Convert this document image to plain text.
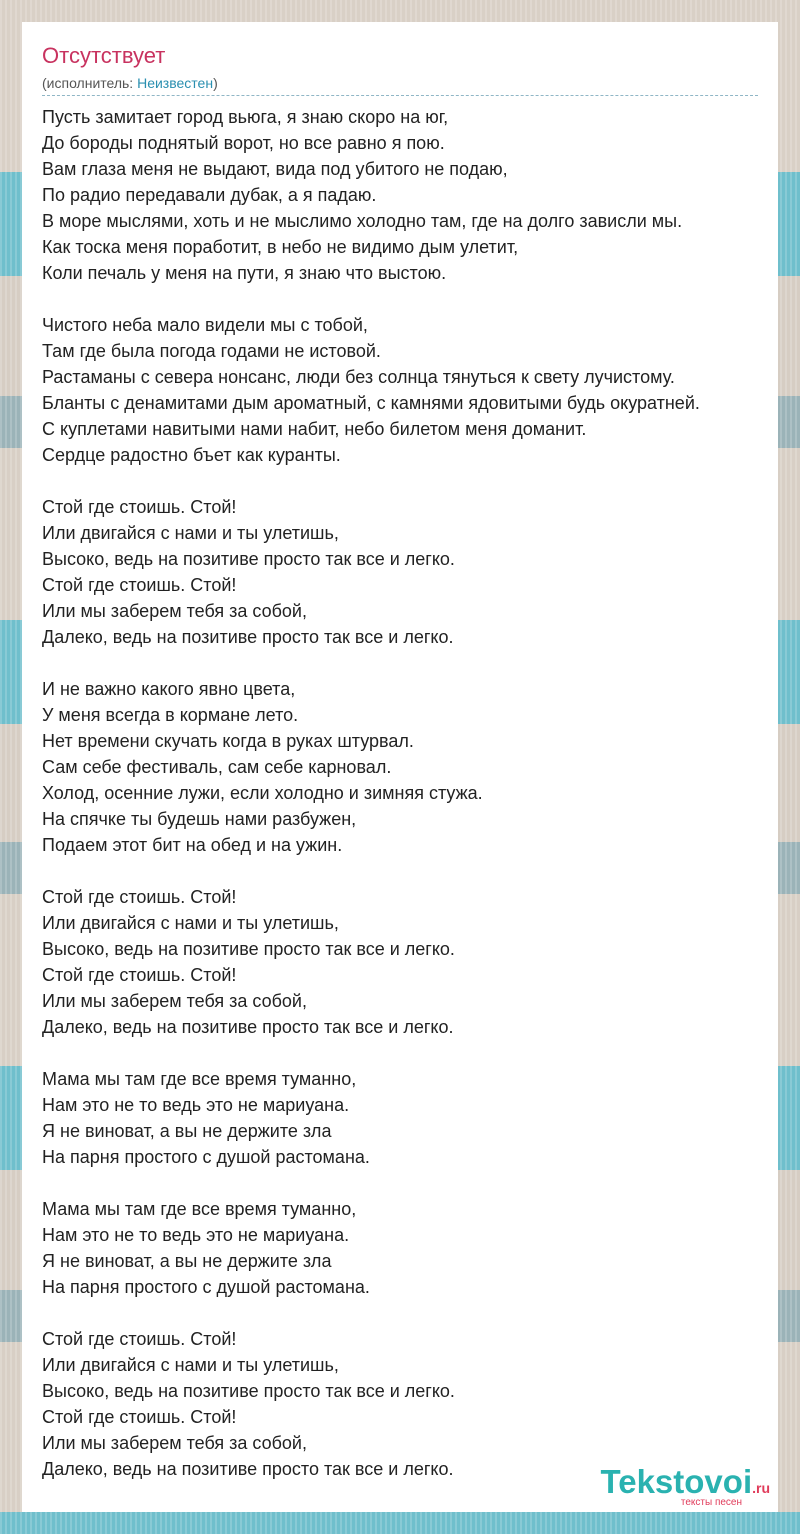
Отсутствует
(исполнитель: Неизвестен)
Пусть замитает город вьюга, я знаю скоро на юг,
До бороды поднятый ворот, но все равно я пою.
Вам глаза меня не выдают, вида под убитого не подаю,
По радио передавали дубак, а я падаю.
В море мыслями, хоть и не мыслимо холодно там, где на долго зависли мы.
Как тоска меня поработит, в небо не видимо дым улетит,
Коли печаль у меня на пути, я знаю что выстою.
Чистого неба мало видели мы с тобой,
Там где была погода годами не истовой.
Растаманы с севера нонсанс, люди без солнца тянуться к свету лучистому.
Бланты с денамитами дым ароматный, с камнями ядовитыми будь окуратней.
С куплетами навитыми нами набит, небо билетом меня доманит.
Сердце радостно бъет как куранты.
Стой где стоишь. Стой!
Или двигайся с нами и ты улетишь,
Высоко, ведь на позитиве просто так все и легко.
Стой где стоишь. Стой!
Или мы заберем тебя за собой,
Далеко, ведь на позитиве просто так все и легко.
И не важно какого явно цвета,
У меня всегда в кормане лето.
Нет времени скучать когда в руках штурвал.
Сам себе фестиваль, сам себе карновал.
Холод, осенние лужи, если холодно и зимняя стужа.
На спячке ты будешь нами разбужен,
Подаем этот бит на обед и на ужин.
Стой где стоишь. Стой!
Или двигайся с нами и ты улетишь,
Высоко, ведь на позитиве просто так все и легко.
Стой где стоишь. Стой!
Или мы заберем тебя за собой,
Далеко, ведь на позитиве просто так все и легко.
Мама мы там где все время туманно,
Нам это не то ведь это не мариуана.
Я не виноват, а вы не держите зла
На парня простого с душой растомана.
Мама мы там где все время туманно,
Нам это не то ведь это не мариуана.
Я не виноват, а вы не держите зла
На парня простого с душой растомана.
Стой где стоишь. Стой!
Или двигайся с нами и ты улетишь,
Высоко, ведь на позитиве просто так все и легко.
Стой где стоишь. Стой!
Или мы заберем тебя за собой,
Далеко, ведь на позитиве просто так все и легко.	Tekstovoi.ru
тексты песен
